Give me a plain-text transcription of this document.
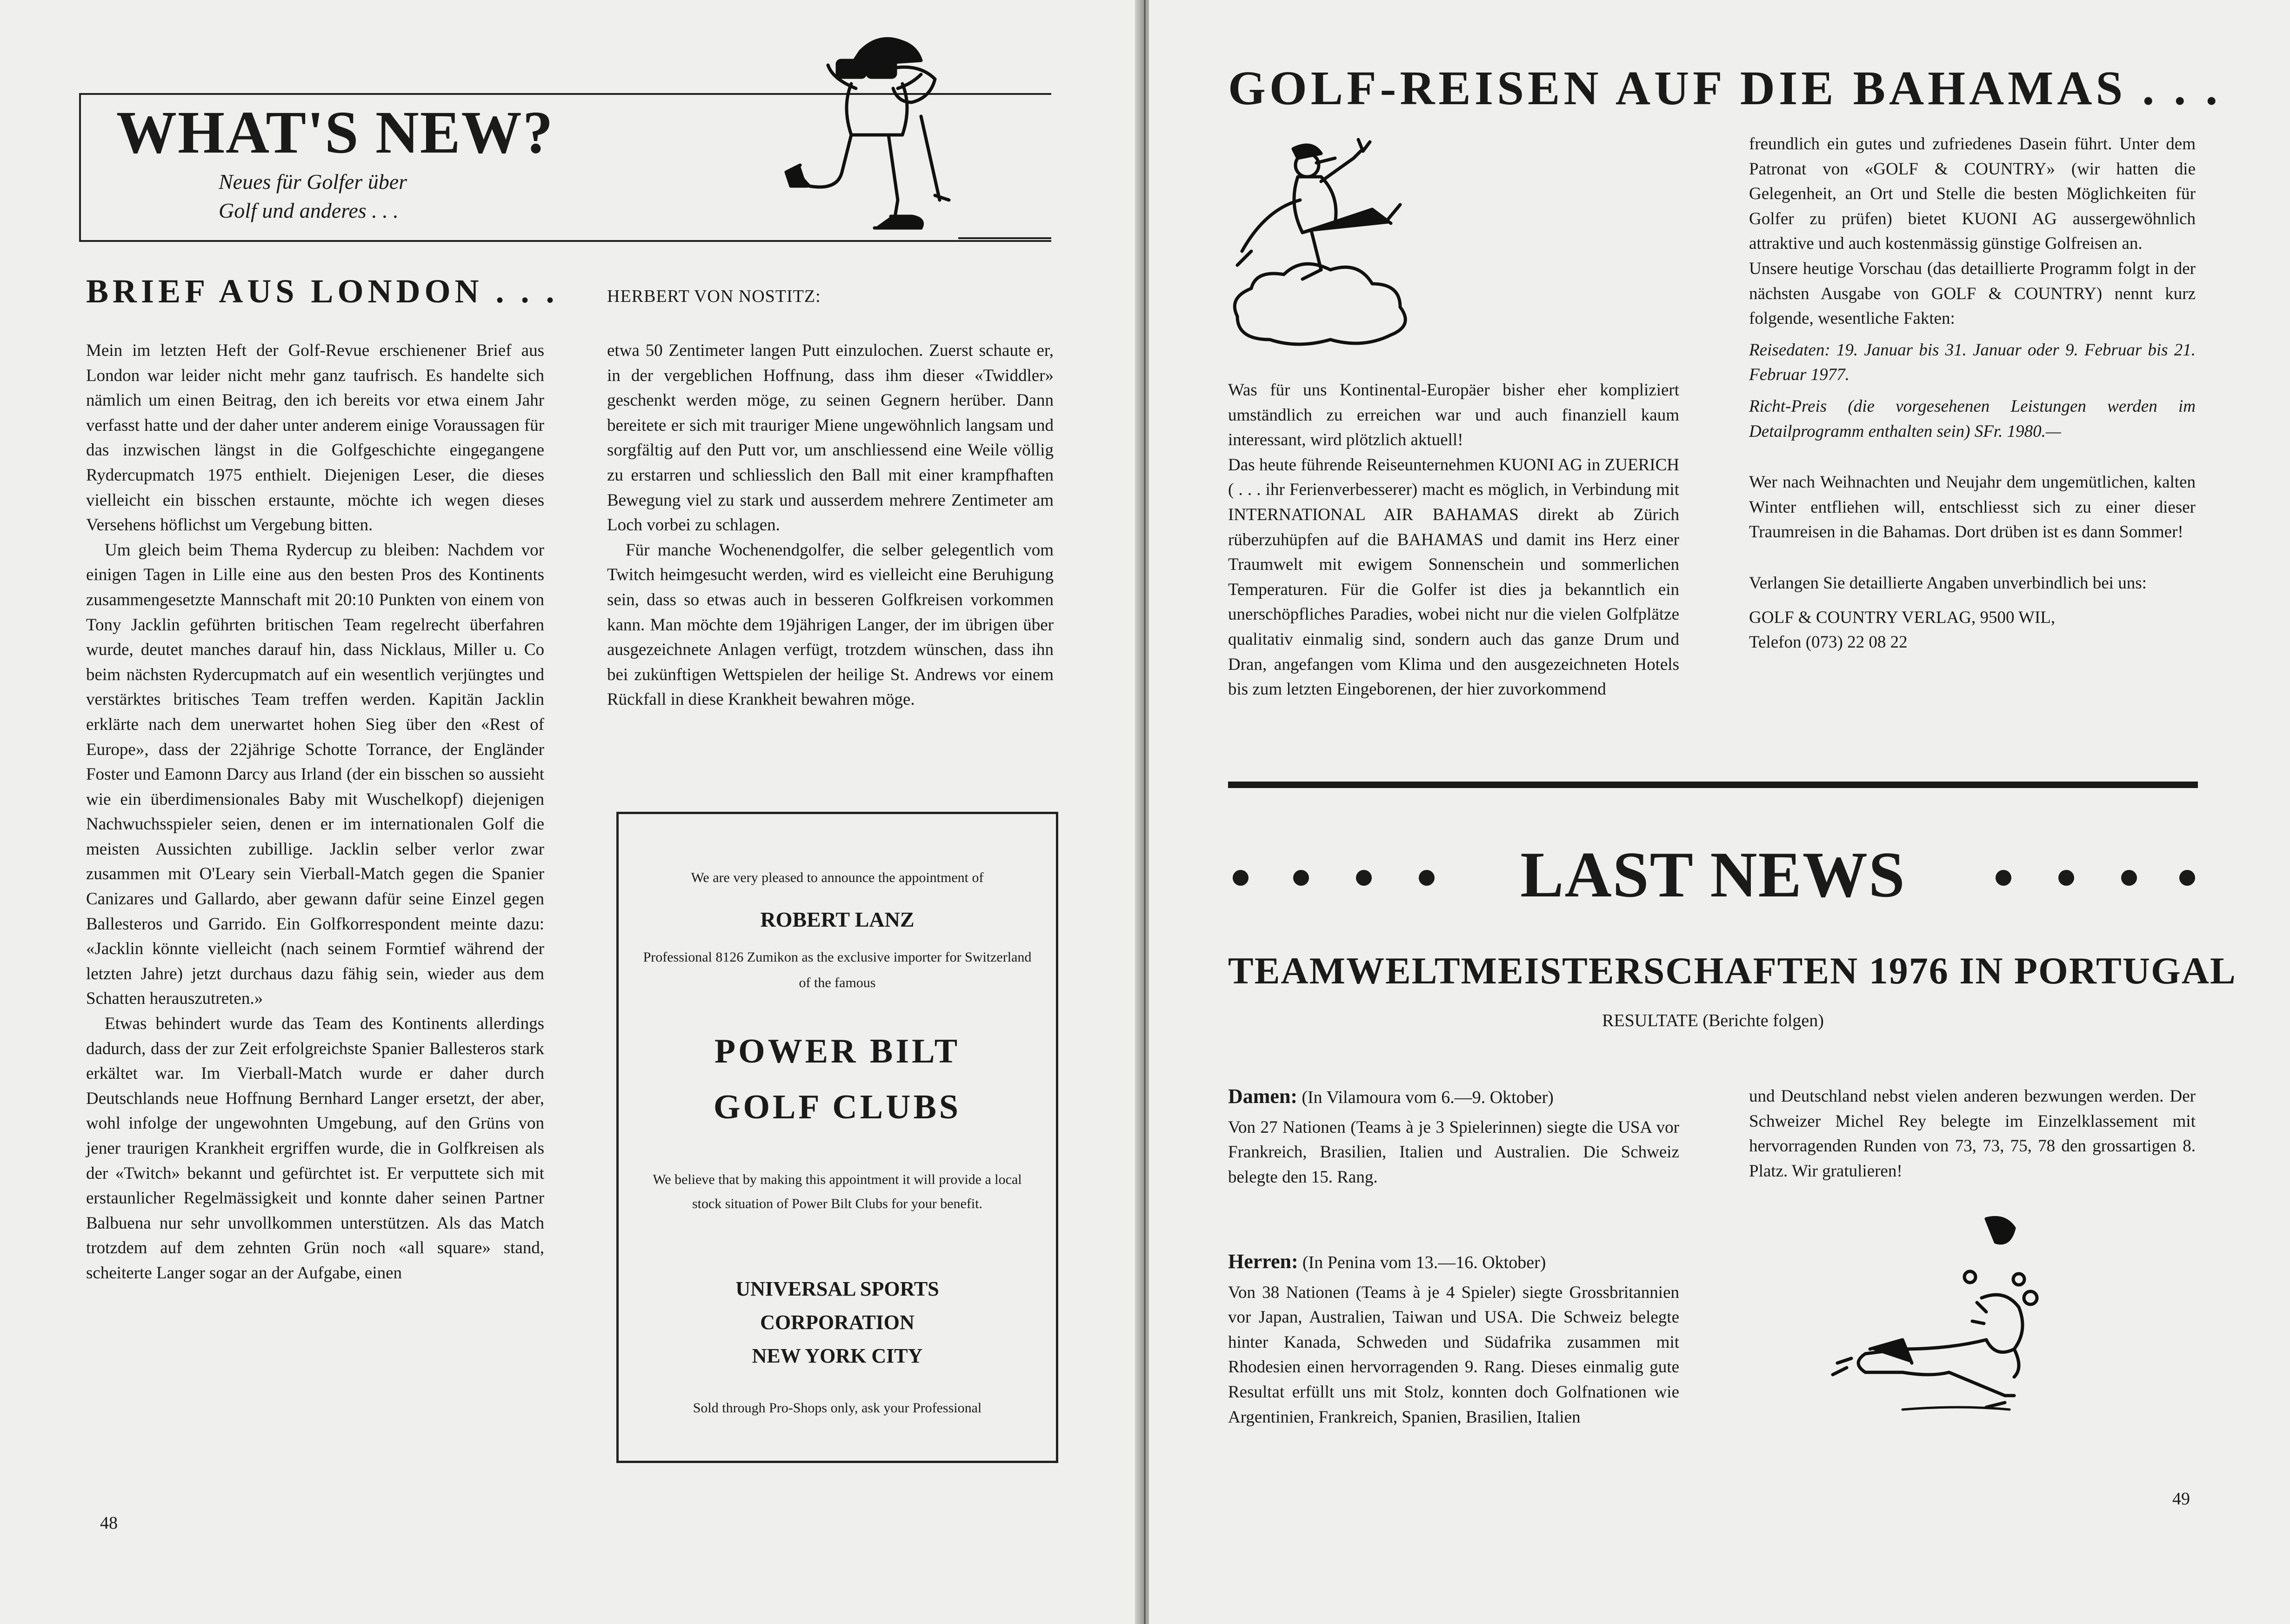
WHAT'S NEW?
Neues für Golfer über Golf und anderes . . .
BRIEF AUS LONDON . . .	HERBERT VON NOSTITZ:

Mein im letzten Heft der Golf-Revue erschienener Brief aus London war leider nicht mehr ganz taufrisch. Es handelte sich nämlich um einen Beitrag, den ich bereits vor etwa einem Jahr verfasst hatte und der daher unter anderem einige Voraussagen für das inzwischen längst in die Golfgeschichte eingegangene Rydercupmatch 1975 enthielt. Diejenigen Leser, die dieses vielleicht ein bisschen erstaunte, möchte ich wegen dieses Versehens höflichst um Vergebung bitten.

Um gleich beim Thema Rydercup zu bleiben: Nachdem vor einigen Tagen in Lille eine aus den besten Pros des Kontinents zusammengesetzte Mannschaft mit 20:10 Punkten von einem von Tony Jacklin geführten britischen Team regelrecht überfahren wurde, deutet manches darauf hin, dass Nicklaus, Miller u. Co beim nächsten Rydercupmatch auf ein wesentlich verjüngtes und verstärktes britisches Team treffen werden. Kapitän Jacklin erklärte nach dem unerwartet hohen Sieg über den «Rest of Europe», dass der 22jährige Schotte Torrance, der Engländer Foster und Eamonn Darcy aus Irland (der ein bisschen so aussieht wie ein überdimensionales Baby mit Wuschelkopf) diejenigen Nachwuchsspieler seien, denen er im internationalen Golf die meisten Aussichten zubillige. Jacklin selber verlor zwar zusammen mit O'Leary sein Vierball-Match gegen die Spanier Canizares und Gallardo, aber gewann dafür seine Einzel gegen Ballesteros und Garrido. Ein Golfkorrespondent meinte dazu: «Jacklin könnte vielleicht (nach seinem Formtief während der letzten Jahre) jetzt durchaus dazu fähig sein, wieder aus dem Schatten herauszutreten.»

Etwas behindert wurde das Team des Kontinents allerdings dadurch, dass der zur Zeit erfolgreichste Spanier Ballesteros stark erkältet war. Im Vierball-Match wurde er daher durch Deutschlands neue Hoffnung Bernhard Langer ersetzt, der aber, wohl infolge der ungewohnten Umgebung, auf den Grüns von jener traurigen Krankheit ergriffen wurde, die in Golfkreisen als der «Twitch» bekannt und gefürchtet ist. Er verputtete sich mit erstaunlicher Regelmässigkeit und konnte daher seinen Partner Balbuena nur sehr unvollkommen unterstützen. Als das Match trotzdem auf dem zehnten Grün noch «all square» stand, scheiterte Langer sogar an der Aufgabe, einen

etwa 50 Zentimeter langen Putt einzulochen. Zuerst schaute er, in der vergeblichen Hoffnung, dass ihm dieser «Twiddler» geschenkt werden möge, zu seinen Gegnern herüber. Dann bereitete er sich mit trauriger Miene ungewöhnlich langsam und sorgfältig auf den Putt vor, um anschliessend eine Weile völlig zu erstarren und schliesslich den Ball mit einer krampfhaften Bewegung viel zu stark und ausserdem mehrere Zentimeter am Loch vorbei zu schlagen.

Für manche Wochenendgolfer, die selber gelegentlich vom Twitch heimgesucht werden, wird es vielleicht eine Beruhigung sein, dass so etwas auch in besseren Golfkreisen vorkommen kann. Man möchte dem 19jährigen Langer, der im übrigen über ausgezeichnete Anlagen verfügt, trotzdem wünschen, dass ihn bei zukünftigen Wettspielen der heilige St. Andrews vor einem Rückfall in diese Krankheit bewahren möge.

We are very pleased to announce the appointment of
ROBERT LANZ
Professional 8126 Zumikon as the exclusive importer for Switzerland of the famous
POWER BILT
GOLF CLUBS
We believe that by making this appointment it will provide a local stock situation of Power Bilt Clubs for your benefit.
UNIVERSAL SPORTS
CORPORATION
NEW YORK CITY
Sold through Pro-Shops only, ask your Professional
48
GOLF-REISEN AUF DIE BAHAMAS . . .

Was für uns Kontinental-Europäer bisher eher kompliziert umständlich zu erreichen war und auch finanziell kaum interessant, wird plötzlich aktuell!

Das heute führende Reiseunternehmen KUONI AG in ZUERICH ( . . . ihr Ferienverbesserer) macht es möglich, in Verbindung mit INTERNATIONAL AIR BAHAMAS direkt ab Zürich rüberzuhüpfen auf die BAHAMAS und damit ins Herz einer Traumwelt mit ewigem Sonnenschein und sommerlichen Temperaturen. Für die Golfer ist dies ja bekanntlich ein unerschöpfliches Paradies, wobei nicht nur die vielen Golfplätze qualitativ einmalig sind, sondern auch das ganze Drum und Dran, angefangen vom Klima und den ausgezeichneten Hotels bis zum letzten Eingeborenen, der hier zuvorkommend

freundlich ein gutes und zufriedenes Dasein führt. Unter dem Patronat von «GOLF & COUNTRY» (wir hatten die Gelegenheit, an Ort und Stelle die besten Möglichkeiten für Golfer zu prüfen) bietet KUONI AG aussergewöhnlich attraktive und auch kostenmässig günstige Golfreisen an.

Unsere heutige Vorschau (das detaillierte Programm folgt in der nächsten Ausgabe von GOLF & COUNTRY) nennt kurz folgende, wesentliche Fakten:

Reisedaten: 19. Januar bis 31. Januar oder 9. Februar bis 21. Februar 1977.

Richt-Preis (die vorgesehenen Leistungen werden im Detailprogramm enthalten sein) SFr. 1980.—

Wer nach Weihnachten und Neujahr dem ungemütlichen, kalten Winter entfliehen will, entschliesst sich zu einer dieser Traumreisen in die Bahamas. Dort drüben ist es dann Sommer!

Verlangen Sie detaillierte Angaben unverbindlich bei uns:

GOLF & COUNTRY VERLAG, 9500 WIL,

Telefon (073) 22 08 22

LAST NEWS
TEAMWELTMEISTERSCHAFTEN 1976 IN PORTUGAL
RESULTATE (Berichte folgen)

Damen: (In Vilamoura vom 6.—9. Oktober)

Von 27 Nationen (Teams à je 3 Spielerinnen) siegte die USA vor Frankreich, Brasilien, Italien und Australien. Die Schweiz belegte den 15. Rang.

Herren: (In Penina vom 13.—16. Oktober)

Von 38 Nationen (Teams à je 4 Spieler) siegte Grossbritannien vor Japan, Australien, Taiwan und USA. Die Schweiz belegte hinter Kanada, Schweden und Südafrika zusammen mit Rhodesien einen hervorragenden 9. Rang. Dieses einmalig gute Resultat erfüllt uns mit Stolz, konnten doch Golfnationen wie Argentinien, Frankreich, Spanien, Brasilien, Italien

und Deutschland nebst vielen anderen bezwungen werden. Der Schweizer Michel Rey belegte im Einzelklassement mit hervorragenden Runden von 73, 73, 75, 78 den grossartigen 8. Platz. Wir gratulieren!

49
